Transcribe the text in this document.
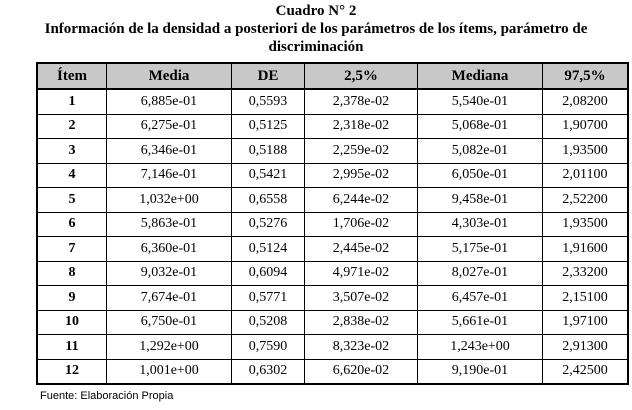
Cuadro N° 2
Información de la densidad a posteriori de los parámetros de los ítems, parámetro de
discriminación
Ítem	Media	DE	2,5%	Mediana	97,5%
1	6,885e-01	0,5593	2,378e-02	5,540e-01	2,08200
2	6,275e-01	0,5125	2,318e-02	5,068e-01	1,90700
3	6,346e-01	0,5188	2,259e-02	5,082e-01	1,93500
4	7,146e-01	0,5421	2,995e-02	6,050e-01	2,01100
5	1,032e+00	0,6558	6,244e-02	9,458e-01	2,52200
6	5,863e-01	0,5276	1,706e-02	4,303e-01	1,93500
7	6,360e-01	0,5124	2,445e-02	5,175e-01	1,91600
8	9,032e-01	0,6094	4,971e-02	8,027e-01	2,33200
9	7,674e-01	0,5771	3,507e-02	6,457e-01	2,15100
10	6,750e-01	0,5208	2,838e-02	5,661e-01	1,97100
11	1,292e+00	0,7590	8,323e-02	1,243e+00	2,91300
12	1,001e+00	0,6302	6,620e-02	9,190e-01	2,42500
Fuente: Elaboración Propia
